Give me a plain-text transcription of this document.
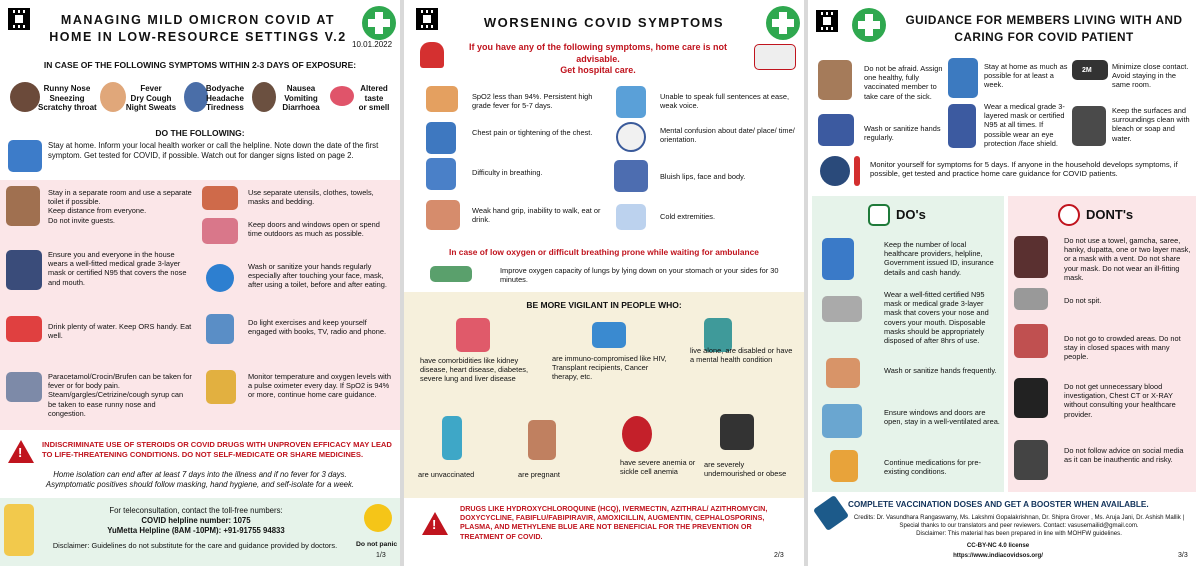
MANAGING MILD OMICRON COVID AT HOME IN LOW-RESOURCE SETTINGS V.2
10.01.2022
IN CASE OF THE FOLLOWING SYMPTOMS WITHIN 2-3 DAYS OF EXPOSURE:
Runny Nose
Sneezing
Scratchy throat
Fever
Dry Cough
Night Sweats
Bodyache
Headache
Tiredness
Nausea
Vomiting
Diarrhoea
Altered
taste
or smell
DO THE FOLLOWING:
Stay at home. Inform your local health worker or call the helpline. Note down the date of the first symptom. Get tested for COVID, if possible. Watch out for danger signs listed on page 2.
Stay in a separate room and use a separate toilet if possible.
Keep distance from everyone.
Do not invite guests.
Ensure you and everyone in the house wears a well-fitted medical grade 3-layer mask or certified N95 that covers the nose and mouth.
Drink plenty of water. Keep ORS handy. Eat well.
Paracetamol/Crocin/Brufen can be taken for fever or for body pain. Steam/gargles/Cetrizine/cough syrup can be taken to ease runny nose and congestion.
Use separate utensils, clothes, towels, masks and bedding.
Keep doors and windows open or spend time outdoors as much as possible.
Wash or sanitize your hands regularly especially after touching your face, mask, after using a toilet, before and after eating.
Do light exercises and keep yourself engaged with books, TV, radio and phone.
Monitor temperature and oxygen levels with a pulse oximeter every day. If SpO2 is 94% or more, continue home care guidance.
!
INDISCRIMINATE USE OF STEROIDS OR COVID DRUGS WITH UNPROVEN EFFICACY MAY LEAD TO LIFE-THREATENING CONDITIONS. DO NOT SELF-MEDICATE OR SHARE MEDICINES.
Home isolation can end after at least 7 days into the illness and if no fever for 3 days.
Asymptomatic positives should follow masking, hand hygiene, and self-isolate for a week.
For teleconsultation, contact the toll-free numbers:
COVID helpline number: 1075
YuMetta Helpline (8AM -10PM): +91-91755 94833
Disclaimer: Guidelines do not substitute for the care and guidance provided by doctors.	Do not panic
1/3
WORSENING COVID SYMPTOMS
If you have any of the following symptoms, home care is not advisable.
Get hospital care.
SpO2 less than 94%. Persistent high grade fever for 5-7 days.
Chest pain or tightening of the chest.
Difficulty in breathing.
Weak hand grip, inability to walk, eat or drink.
Unable to speak full sentences at ease, weak voice.
Mental confusion about date/ place/ time/ orientation.
Bluish lips, face and body.
Cold extremities.
In case of low oxygen or difficult breathing prone while waiting for ambulance
Improve oxygen capacity of lungs by lying down on your stomach or your sides for 30 minutes.
BE MORE VIGILANT IN PEOPLE WHO:
have comorbidities like kidney disease, heart disease, diabetes, severe lung and liver disease
are immuno-compromised like HIV, Transplant recipients, Cancer therapy, etc.
live alone, are disabled or have a mental health condition
are unvaccinated	are pregnant
have severe anemia or sickle cell anemia
are severely undernourished or obese
!
DRUGS LIKE HYDROXYCHLOROQUINE (HCQ), IVERMECTIN, AZITHRAL/ AZITHROMYCIN, DOXYCYCLINE, FABIFLU/FABIPIRAVIR, AMOXICILLIN, AUGMENTIN, CEPHALOSPORINS, PLASMA, AND METHYLENE BLUE ARE NOT BENEFICIAL FOR THE PREVENTION OR TREATMENT OF COVID.
2/3
GUIDANCE FOR MEMBERS LIVING WITH AND CARING FOR COVID PATIENT
Do not be afraid. Assign one healthy, fully vaccinated member to take care of the sick.
Wash or sanitize hands regularly.
Stay at home as much as possible for at least a week.
Wear a medical grade 3-layered mask or certified N95 at all times. If possible wear an eye protection /face shield.
2M	Minimize close contact. Avoid staying in the same room.
Keep the surfaces and surroundings clean with bleach or soap and water.
Monitor yourself for symptoms for 5 days. If anyone in the household develops symptoms, if possible, get tested and practice home care guidance for COVID patients.
DO's	DONT's
Keep the number of local healthcare providers, helpline, Government issued ID, insurance details and cash handy.
Wear a well-fitted certified N95 mask or medical grade 3-layer mask that covers your nose and covers your mouth. Disposable masks should be appropriately disposed of after 8hrs of use.
Wash or sanitize hands frequently.
Ensure windows and doors are open, stay in a well-ventilated area.
Continue medications for pre-existing conditions.
Do not use a towel, gamcha, saree, hanky, dupatta, one or two layer mask, or a mask with a vent. Do not share your mask. Do not wear an ill-fitting mask.
Do not spit.
Do not go to crowded areas. Do not stay in closed spaces with many people.
Do not get unnecessary blood investigation, Chest CT or X-RAY without consulting your healthcare provider.
Do not follow advice on social media as it can be inauthentic and risky.
COMPLETE VACCINATION DOSES AND GET A BOOSTER WHEN AVAILABLE.
Credits: Dr. Vasundhara Rangaswamy, Ms. Lakshmi Gopalakrishnan, Dr. Shipra Grover , Ms. Aruja Jani, Dr. Ashish Mallik | Special thanks to our translators and peer reviewers. Contact: vasusemailid@gmail.com.
Disclaimer: This material has been prepared in line with MOHFW guidelines.
CC-BY-NC 4.0 license
https://www.indiacovidsos.org/	3/3
